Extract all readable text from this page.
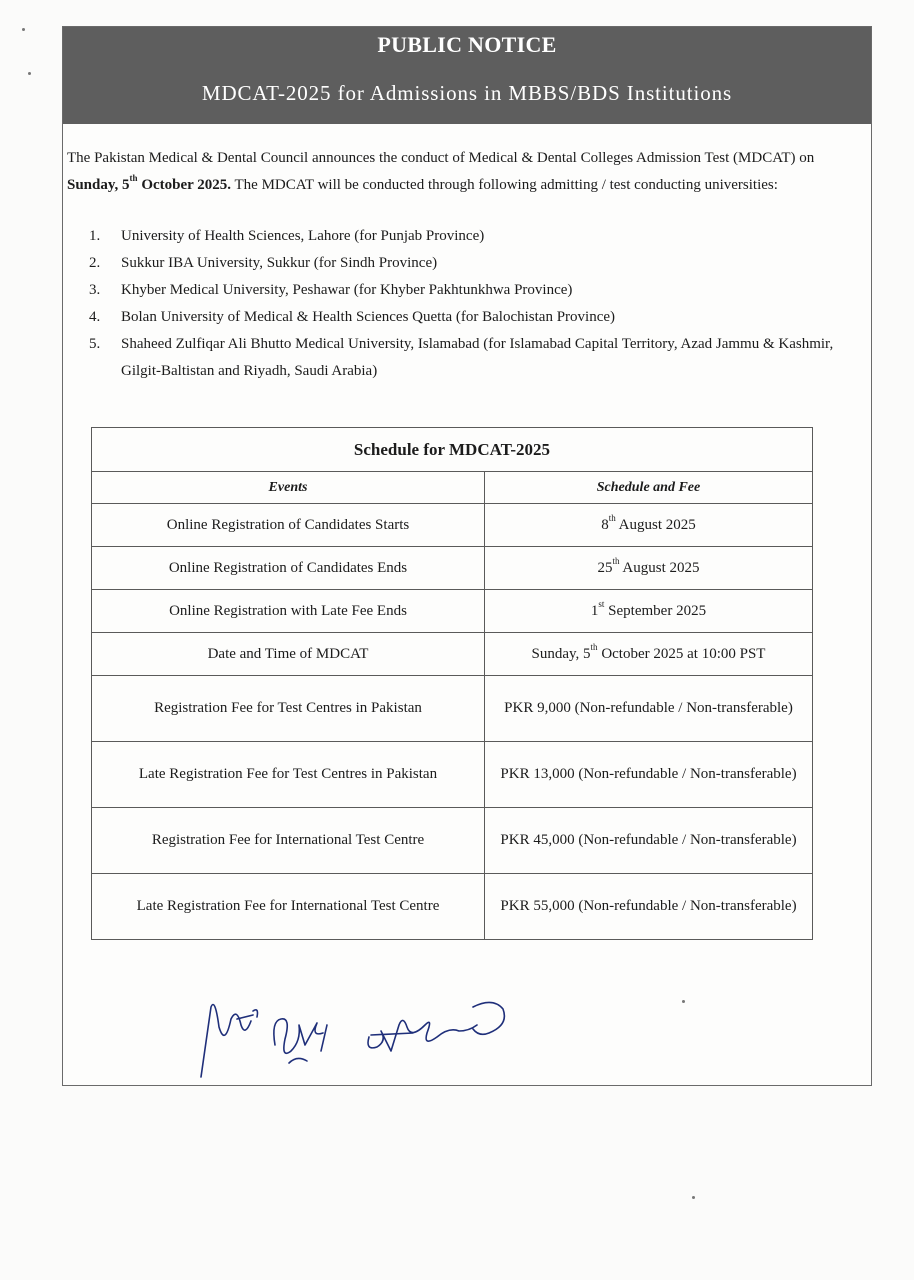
PUBLIC NOTICE
MDCAT-2025 for Admissions in MBBS/BDS Institutions
The Pakistan Medical & Dental Council announces the conduct of Medical & Dental Colleges Admission Test (MDCAT) on
Sunday, 5th October 2025. The MDCAT will be conducted through following admitting / test conducting universities:
1. University of Health Sciences, Lahore (for Punjab Province)
2. Sukkur IBA University, Sukkur (for Sindh Province)
3. Khyber Medical University, Peshawar (for Khyber Pakhtunkhwa Province)
4. Bolan University of Medical & Health Sciences Quetta (for Balochistan Province)
5. Shaheed Zulfiqar Ali Bhutto Medical University, Islamabad (for Islamabad Capital Territory, Azad Jammu & Kashmir, Gilgit-Baltistan and Riyadh, Saudi Arabia)
Schedule for MDCAT-2025	
Events	Schedule and Fee
Online Registration of Candidates Starts	8th August 2025
Online Registration of Candidates Ends	25th August 2025
Online Registration with Late Fee Ends	1st September 2025
Date and Time of MDCAT	Sunday, 5th October 2025 at 10:00 PST
Registration Fee for Test Centres in Pakistan	PKR 9,000 (Non-refundable / Non-transferable)
Late Registration Fee for Test Centres in Pakistan	PKR 13,000 (Non-refundable / Non-transferable)
Registration Fee for International Test Centre	PKR 45,000 (Non-refundable / Non-transferable)
Late Registration Fee for International Test Centre	PKR 55,000 (Non-refundable / Non-transferable)
